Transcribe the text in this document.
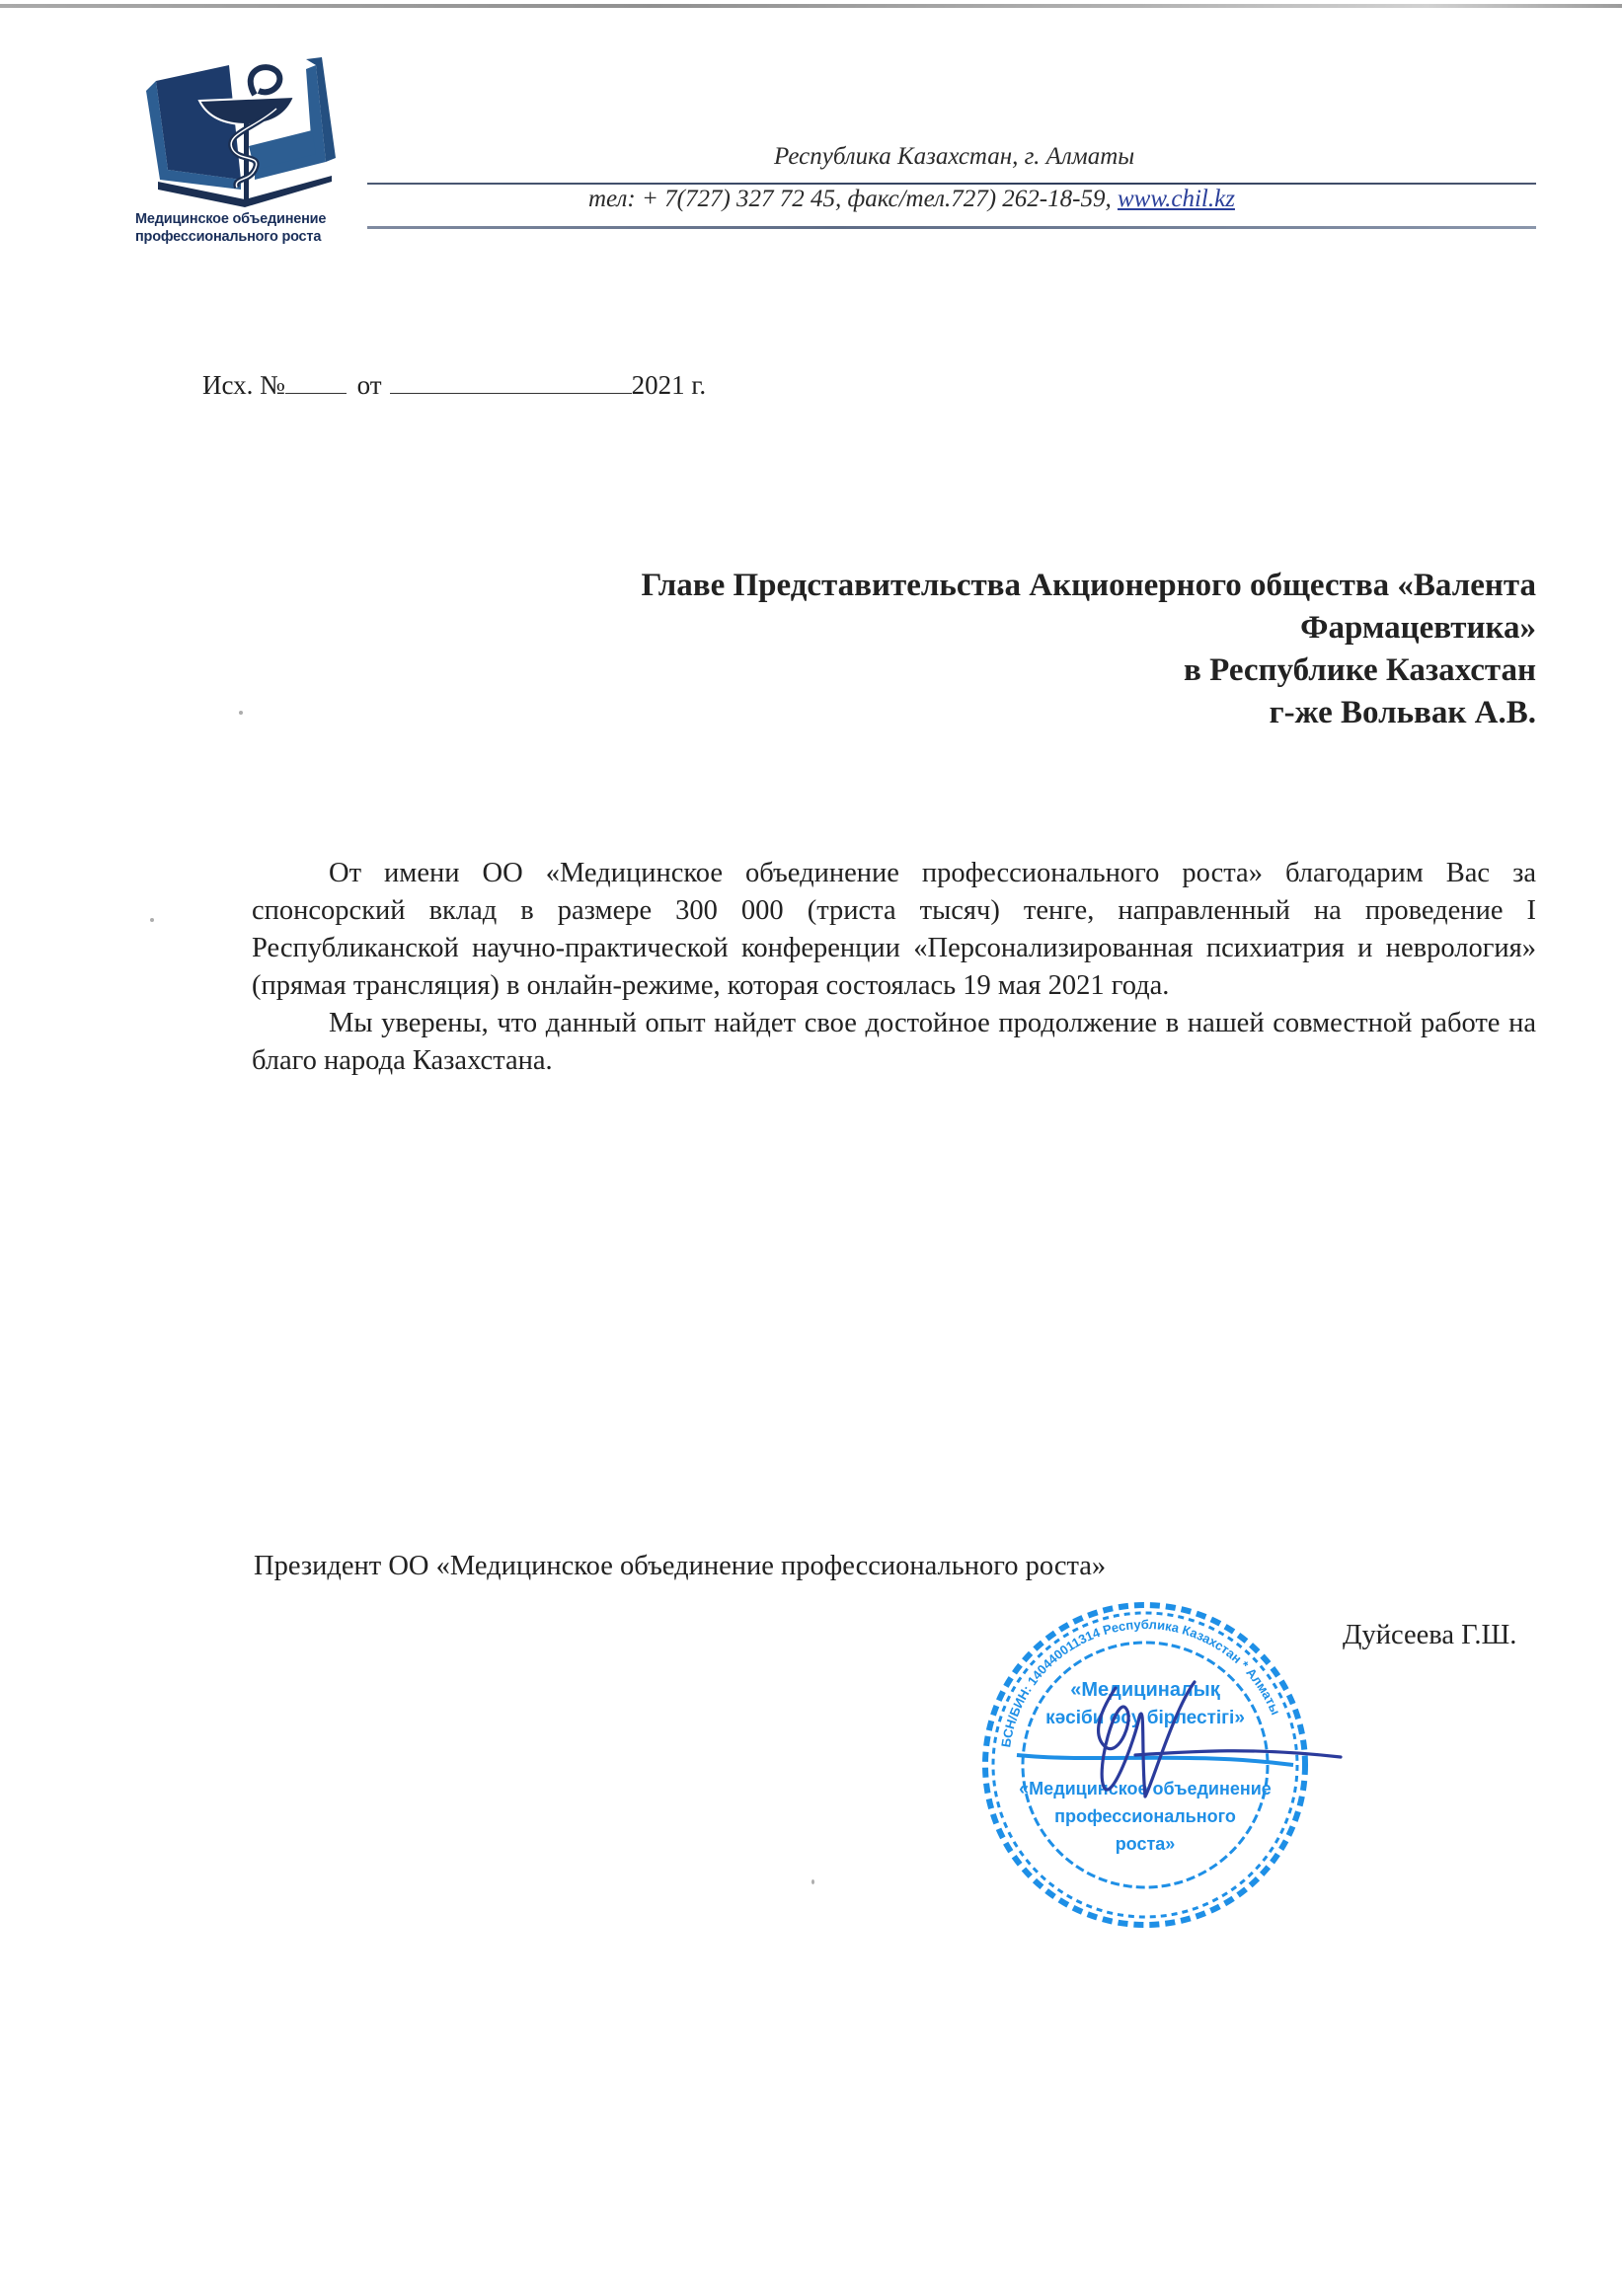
Медицинское объединение
профессионального роста
Республика Казахстан, г. Алматы
тел: + 7(727) 327 72 45, факс/тел.727) 262-18-59, www.chil.kz
Исх. №	от	2021 г.
Главе Представительства Акционерного общества «Валента
Фармацевтика»
в Республике Казахстан
г-же Вольвак А.В.

От имени ОО «Медицинское объединение профессионального роста» благодарим Вас за спонсорский вклад в размере 300 000 (триста тысяч) тенге, направленный на проведение I Республиканской научно-практической конференции «Персонализированная психиатрия и неврология» (прямая трансляция) в онлайн-режиме, которая состоялась 19 мая 2021 года.

Мы уверены, что данный опыт найдет свое достойное продолжение в нашей совместной работе на благо народа Казахстана.

Президент ОО «Медицинское объединение профессионального роста»
Дуйсеева Г.Ш.
БСН/БИН: 140440011314 Республика Казахстан * Алматы
«Медициналық
кәсіби өсу бірлестігі»
«Медицинское объединение
профессионального
роста»
